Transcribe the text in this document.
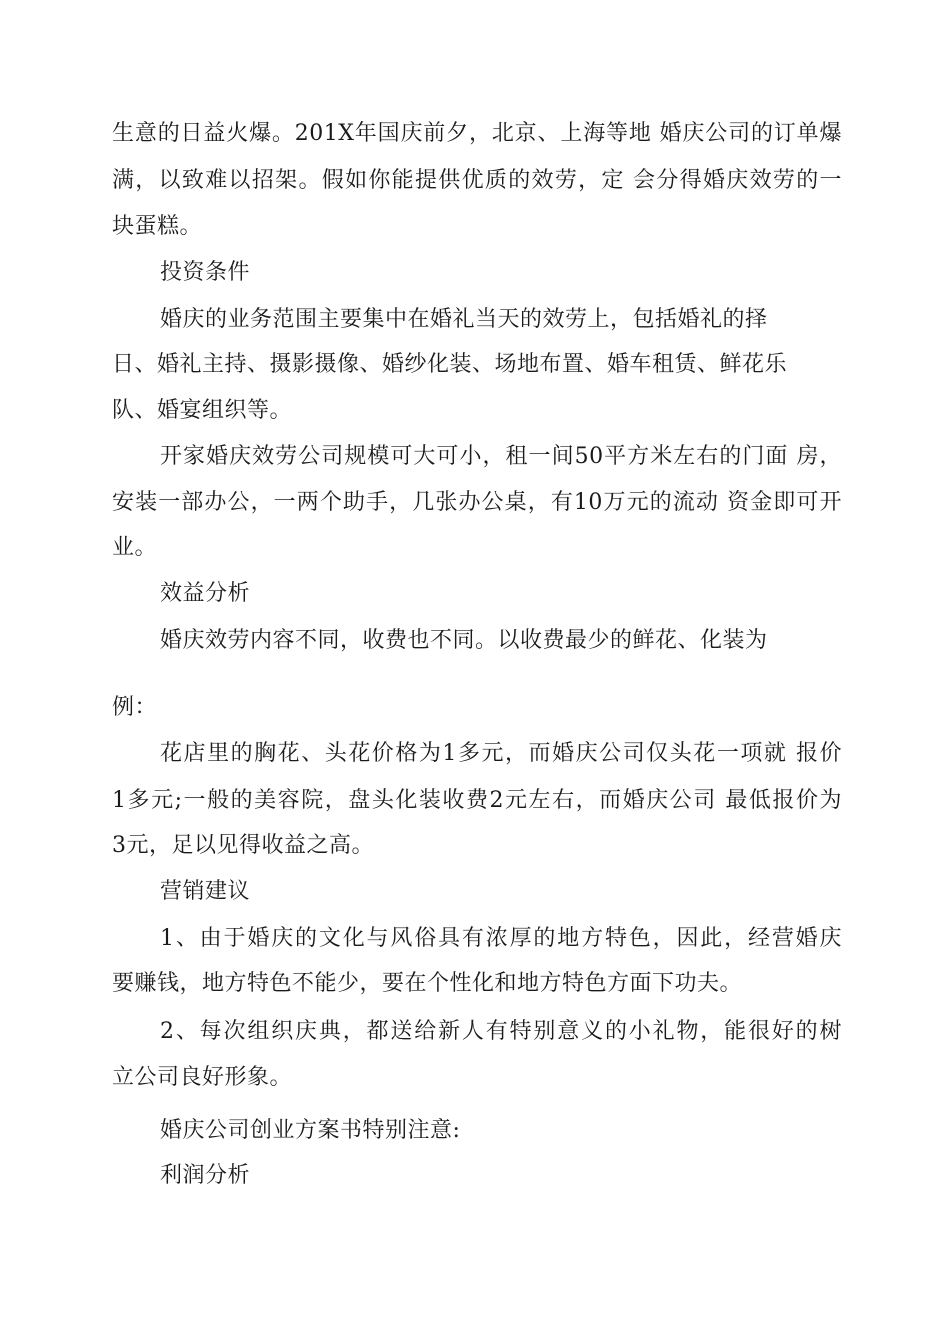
生意的日益火爆。201X年国庆前夕，北京、上海等地 婚庆公司的订单爆
满，以致难以招架。假如你能提供优质的效劳，定 会分得婚庆效劳的一
块蛋糕。
投资条件
婚庆的业务范围主要集中在婚礼当天的效劳上，包括婚礼的择
日、婚礼主持、摄影摄像、婚纱化装、场地布置、婚车租赁、鲜花乐
队、婚宴组织等。
开家婚庆效劳公司规模可大可小，租一间50平方米左右的门面 房，
安装一部办公，一两个助手，几张办公桌，有10万元的流动 资金即可开
业。
效益分析
婚庆效劳内容不同，收费也不同。以收费最少的鲜花、化装为
例：
花店里的胸花、头花价格为1多元，而婚庆公司仅头花一项就 报价
1多元;一般的美容院，盘头化装收费2元左右，而婚庆公司 最低报价为
3元，足以见得收益之高。
营销建议
1、由于婚庆的文化与风俗具有浓厚的地方特色，因此，经营婚庆
要赚钱，地方特色不能少，要在个性化和地方特色方面下功夫。
2、每次组织庆典，都送给新人有特别意义的小礼物，能很好的树
立公司良好形象。
婚庆公司创业方案书特别注意:
利润分析
